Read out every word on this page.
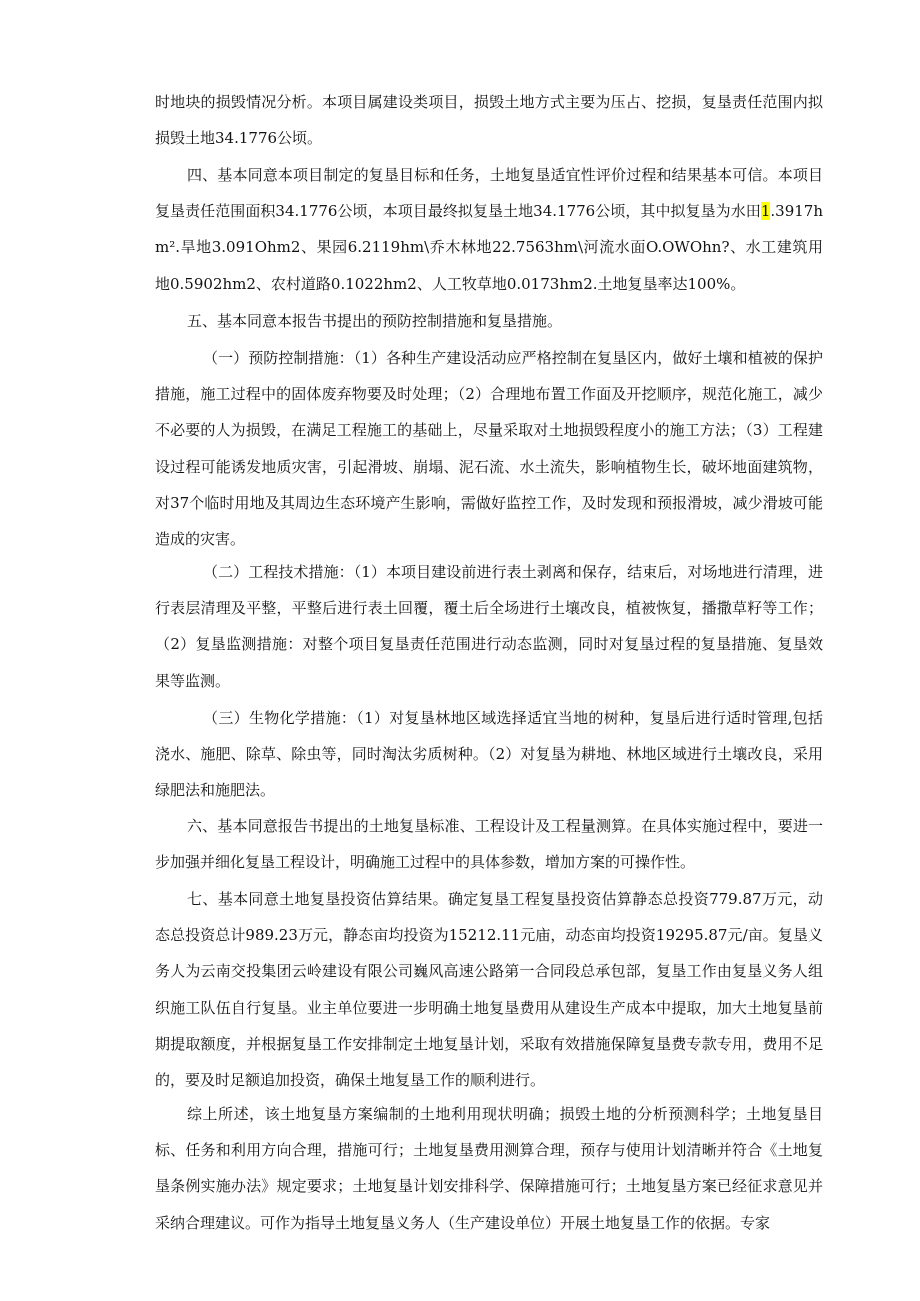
时地块的损毁情况分析。本项目属建设类项目，损毁土地方式主要为压占、挖损，复垦责任范围内拟损毁土地34.1776公顷。

四、基本同意本项目制定的复垦目标和任务，土地复垦适宜性评价过程和结果基本可信。本项目复垦责任范围面积34.1776公顷，本项目最终拟复垦土地34.1776公顷，其中拟复垦为水田1.3917hm².旱地3.091Ohm2、果园6.2119hm\乔木林地22.7563hm\河流水面O.OWOhn?、水工建筑用地0.5902hm2、农村道路0.1022hm2、人工牧草地0.0173hm2.土地复垦率达100%。

五、基本同意本报告书提出的预防控制措施和复垦措施。

（一）预防控制措施：（1）各种生产建设活动应严格控制在复垦区内，做好土壤和植被的保护措施，施工过程中的固体废弃物要及时处理；（2）合理地布置工作面及开挖顺序，规范化施工，减少不必要的人为损毁，在满足工程施工的基础上，尽量采取对土地损毁程度小的施工方法；（3）工程建设过程可能诱发地质灾害，引起滑坡、崩塌、泥石流、水土流失，影响植物生长，破坏地面建筑物，对37个临时用地及其周边生态环境产生影响，需做好监控工作，及时发现和预报滑坡，减少滑坡可能造成的灾害。

（二）工程技术措施：（1）本项目建设前进行表土剥离和保存，结束后，对场地进行清理，进行表层清理及平整，平整后进行表土回覆，覆土后全场进行土壤改良，植被恢复，播撒草籽等工作；（2）复垦监测措施：对整个项目复垦责任范围进行动态监测，同时对复垦过程的复垦措施、复垦效果等监测。

（三）生物化学措施：（1）对复垦林地区域选择适宜当地的树种，复垦后进行适时管理,包括浇水、施肥、除草、除虫等，同时淘汰劣质树种。（2）对复垦为耕地、林地区域进行土壤改良，采用绿肥法和施肥法。

六、基本同意报告书提出的土地复垦标准、工程设计及工程量测算。在具体实施过程中，要进一步加强并细化复垦工程设计，明确施工过程中的具体参数，增加方案的可操作性。

七、基本同意土地复垦投资估算结果。确定复垦工程复垦投资估算静态总投资779.87万元，动态总投资总计989.23万元，静态亩均投资为15212.11元庙，动态亩均投资19295.87元/亩。复垦义务人为云南交投集团云岭建设有限公司巍风高速公路第一合同段总承包部，复垦工作由复垦义务人组织施工队伍自行复垦。业主单位要进一步明确土地复垦费用从建设生产成本中提取，加大土地复垦前期提取额度，并根据复垦工作安排制定土地复垦计划，采取有效措施保障复垦费专款专用，费用不足的，要及时足额追加投资，确保土地复垦工作的顺利进行。

综上所述，该土地复垦方案编制的土地利用现状明确；损毁土地的分析预测科学；土地复垦目标、任务和利用方向合理，措施可行；土地复垦费用测算合理，预存与使用计划清晰并符合《土地复垦条例实施办法》规定要求；土地复垦计划安排科学、保障措施可行；土地复垦方案已经征求意见并采纳合理建议。可作为指导土地复垦义务人（生产建设单位）开展土地复垦工作的依据。专家
